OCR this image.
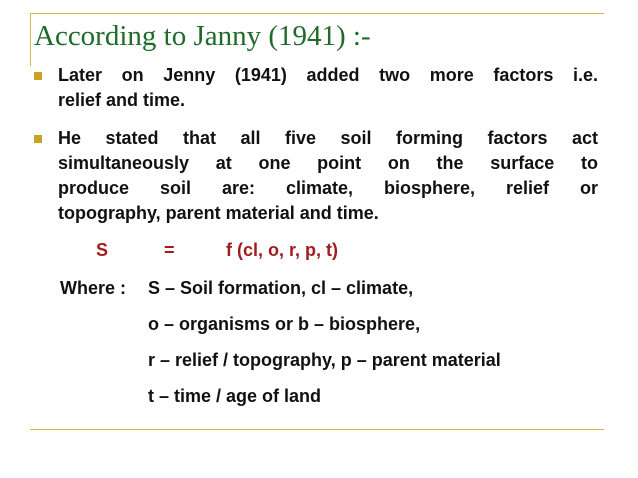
According to Janny (1941) :-
Later on Jenny (1941) added two more factors i.e.
relief and time.
He stated that all five soil forming factors act
simultaneously at one point on the surface to
produce soil are: climate, biosphere, relief or
topography, parent material and time.
S	=	f (cl, o, r, p, t)
Where : S – Soil formation, cl – climate,
o – organisms or b – biosphere,
r – relief / topography, p – parent material
t – time / age of land
